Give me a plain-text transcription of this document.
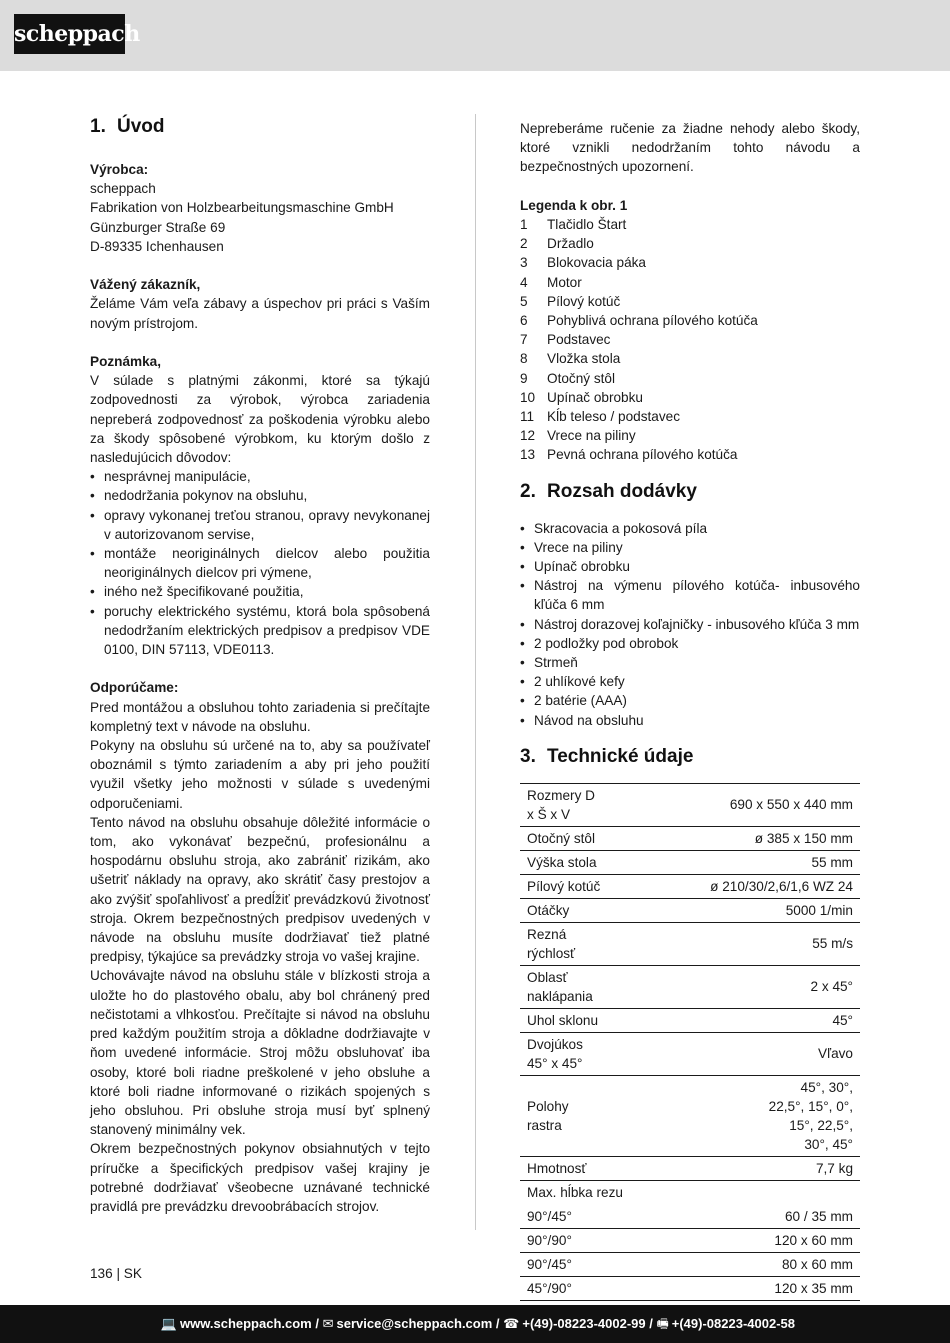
scheppach
1. Úvod
Výrobca:
scheppach
Fabrikation von Holzbearbeitungsmaschine GmbH
Günzburger Straße 69
D-89335 Ichenhausen
Vážený zákazník,

Želáme Vám veľa zábavy a úspechov pri práci s Vaším novým prístrojom.

Poznámka,

V súlade s platnými zákonmi, ktoré sa týkajú zodpovednosti za výrobok, výrobca zariadenia nepreberá zodpovednosť za poškodenia výrobku alebo za škody spôsobené výrobkom, ku ktorým došlo z nasledujúcich dôvodov:

• nesprávnej manipulácie,
• nedodržania pokynov na obsluhu,
• opravy vykonanej treťou stranou, opravy nevykonanej v autorizovanom servise,
• montáže neoriginálnych dielcov alebo použitia neoriginálnych dielcov pri výmene,
• iného než špecifikované použitia,
• poruchy elektrického systému, ktorá bola spôsobená nedodržaním elektrických predpisov a predpisov VDE 0100, DIN 57113, VDE0113.
Odporúčame:

Pred montážou a obsluhou tohto zariadenia si prečítajte kompletný text v návode na obsluhu.

Pokyny na obsluhu sú určené na to, aby sa používateľ oboznámil s týmto zariadením a aby pri jeho použití využil všetky jeho možnosti v súlade s uvedenými odporučeniami.

Tento návod na obsluhu obsahuje dôležité informácie o tom, ako vykonávať bezpečnú, profesionálnu a hospodárnu obsluhu stroja, ako zabrániť rizikám, ako ušetriť náklady na opravy, ako skrátiť časy prestojov a ako zvýšiť spoľahlivosť a predĺžiť prevádzkovú životnosť stroja. Okrem bezpečnostných predpisov uvedených v návode na obsluhu musíte dodržiavať tiež platné predpisy, týkajúce sa prevádzky stroja vo vašej krajine.

Uchovávajte návod na obsluhu stále v blízkosti stroja a uložte ho do plastového obalu, aby bol chránený pred nečistotami a vlhkosťou. Prečítajte si návod na obsluhu pred každým použitím stroja a dôkladne dodržiavajte v ňom uvedené informácie. Stroj môžu obsluhovať iba osoby, ktoré boli riadne preškolené v jeho obsluhe a ktoré boli riadne informované o rizikách spojených s jeho obsluhou. Pri obsluhe stroja musí byť splnený stanovený minimálny vek.

Okrem bezpečnostných pokynov obsiahnutých v tejto príručke a špecifických predpisov vašej krajiny je potrebné dodržiavať všeobecne uznávané technické pravidlá pre prevádzku drevoobrábacích strojov.

Nepreberáme ručenie za žiadne nehody alebo škody, ktoré vznikli nedodržaním tohto návodu a bezpečnostných upozornení.

Legenda k obr. 1
1	Tlačidlo Štart
2	Držadlo
3	Blokovacia páka
4	Motor
5	Pílový kotúč
6	Pohyblivá ochrana pílového kotúča
7	Podstavec
8	Vložka stola
9	Otočný stôl
10 Upínač obrobku
11 Kĺb teleso / podstavec
12 Vrece na piliny
13 Pevná ochrana pílového kotúča
2. Rozsah dodávky
• Skracovacia a pokosová píla
• Vrece na piliny
• Upínač obrobku
• Nástroj na výmenu pílového kotúča- inbusového kľúča 6 mm
• Nástroj dorazovej koľajničky - inbusového kľúča 3 mm
• 2 podložky pod obrobok
• Strmeň
• 2 uhlíkové kefy
• 2 batérie (AAA)
• Návod na obsluhu
3. Technické údaje
Rozmery D x Š x V	690 x 550 x 440 mm
Otočný stôl	ø 385 x 150 mm
Výška stola	55 mm
Pílový kotúč	ø 210/30/2,6/1,6 WZ 24
Otáčky	5000 1/min
Rezná rýchlosť	55 m/s
Oblasť naklápania	2 x 45°
Uhol sklonu	45°
Dvojúkos 45° x 45°	Vľavo
Polohy rastra	45°, 30°, 22,5°, 15°, 0°, 15°, 22,5°, 30°, 45°
Hmotnosť	7,7 kg
Max. hĺbka rezu	
90°/45°	60 / 35 mm
90°/90°	120 x 60 mm
90°/45°	80 x 60 mm
45°/90°	120 x 35 mm
136 | SK
💻 www.scheppach.com / ✉ service@scheppach.com / ☎ +(49)-08223-4002-99 / 🖷 +(49)-08223-4002-58
